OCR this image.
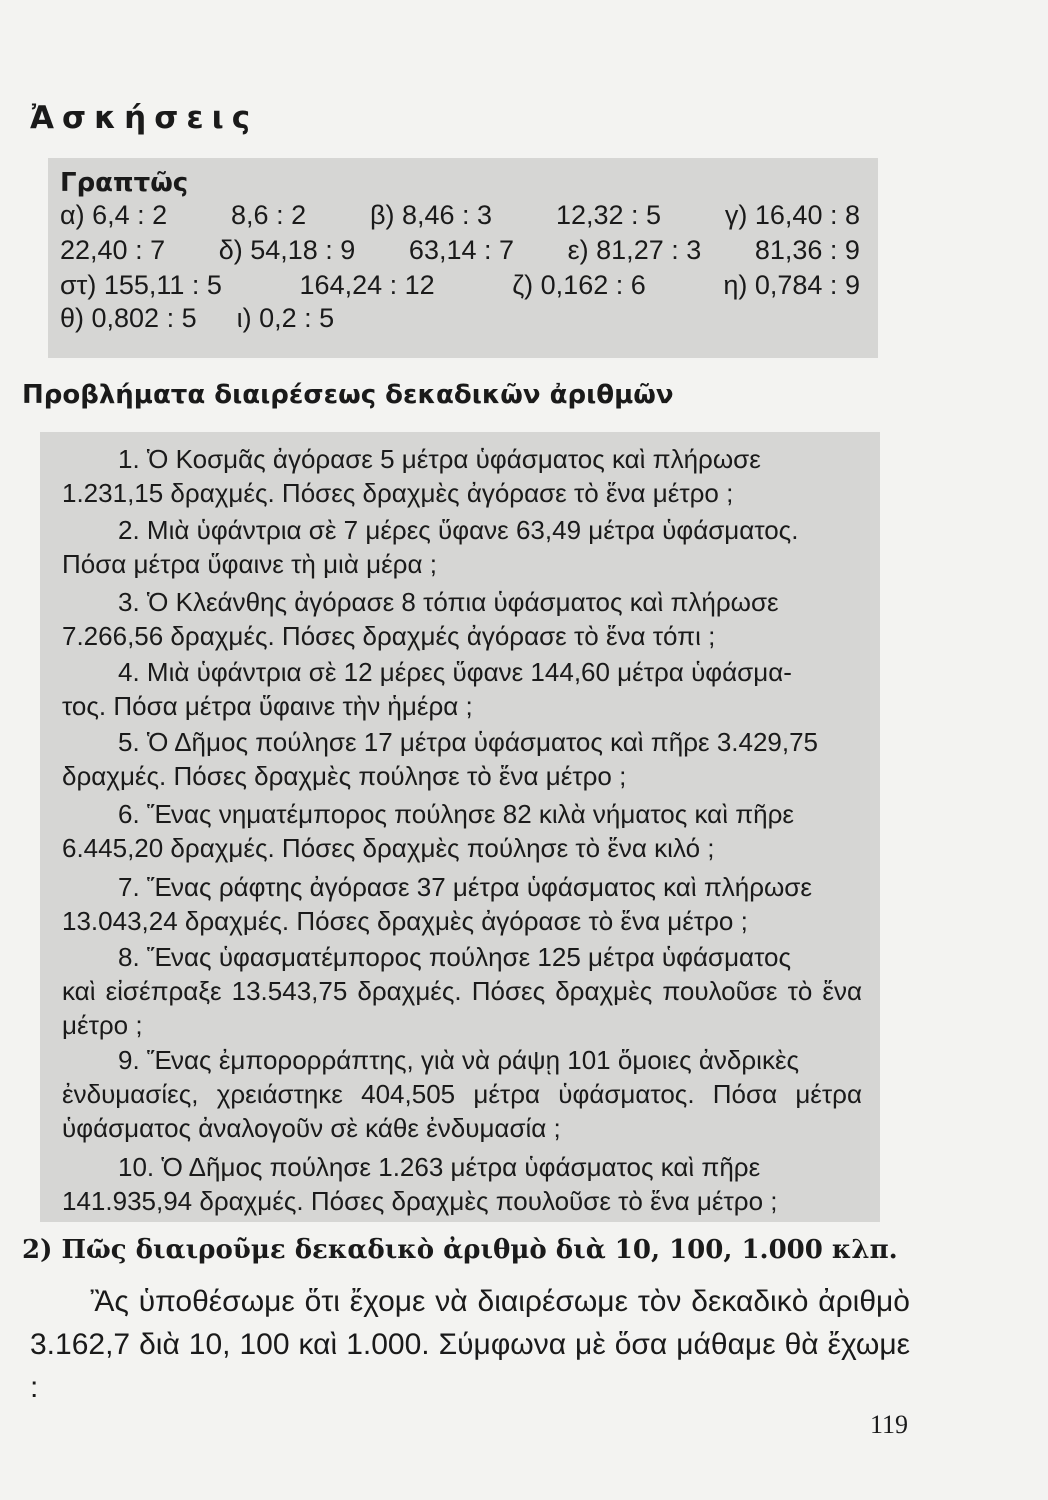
Ἀσκήσεις
Γραπτῶς
α) 6,4 : 2 8,6 : 2 β) 8,46 : 3 12,32 : 5 γ) 16,40 : 8
22,40 : 7 δ) 54,18 : 9 63,14 : 7 ε) 81,27 : 3 81,36 : 9
στ) 155,11 : 5	164,24 : 12	ζ) 0,162 : 6	η) 0,784 : 9
θ) 0,802 : 5 ι) 0,2 : 5
Προβλήματα διαιρέσεως δεκαδικῶν ἀριθμῶν
1. Ὁ Κοσμᾶς ἀγόρασε 5 μέτρα ὑφάσματος καὶ πλήρωσε
1.231,15 δραχμές. Πόσες δραχμὲς ἀγόρασε τὸ ἕνα μέτρο ;
2. Μιὰ ὑφάντρια σὲ 7 μέρες ὕφανε 63,49 μέτρα ὑφάσματος.
Πόσα μέτρα ὕφαινε τὴ μιὰ μέρα ;
3. Ὁ Κλεάνθης ἀγόρασε 8 τόπια ὑφάσματος καὶ πλήρωσε
7.266,56 δραχμές. Πόσες δραχμές ἀγόρασε τὸ ἕνα τόπι ;
4. Μιὰ ὑφάντρια σὲ 12 μέρες ὕφανε 144,60 μέτρα ὑφάσμα-
τος. Πόσα μέτρα ὕφαινε τὴν ἡμέρα ;
5. Ὁ Δῆμος πούλησε 17 μέτρα ὑφάσματος καὶ πῆρε 3.429,75
δραχμές. Πόσες δραχμὲς πούλησε τὸ ἕνα μέτρο ;
6. Ἕνας νηματέμπορος πούλησε 82 κιλὰ νήματος καὶ πῆρε
6.445,20 δραχμές. Πόσες δραχμὲς πούλησε τὸ ἕνα κιλό ;
7. Ἕνας ράφτης ἀγόρασε 37 μέτρα ὑφάσματος καὶ πλήρωσε
13.043,24 δραχμές. Πόσες δραχμὲς ἀγόρασε τὸ ἕνα μέτρο ;
8. Ἕνας ὑφασματέμπορος πούλησε 125 μέτρα ὑφάσματος
καὶ εἰσέπραξε 13.543,75 δραχμές. Πόσες δραχμὲς πουλοῦσε τὸ ἕνα μέτρο ;
9. Ἕνας ἐμπορορράπτης, γιὰ νὰ ράψῃ 101 ὅμοιες ἀνδρικὲς
ἐνδυμασίες, χρειάστηκε 404,505 μέτρα ὑφάσματος. Πόσα μέτρα ὑφάσματος ἀναλογοῦν σὲ κάθε ἐνδυμασία ;
10. Ὁ Δῆμος πούλησε 1.263 μέτρα ὑφάσματος καὶ πῆρε
141.935,94 δραχμές. Πόσες δραχμὲς πουλοῦσε τὸ ἕνα μέτρο ;
2) Πῶς διαιροῦμε δεκαδικὸ ἀριθμὸ διὰ 10, 100, 1.000 κλπ.
Ἂς ὑποθέσωμε ὅτι ἔχομε νὰ διαιρέσωμε τὸν δεκαδικὸ ἀριθμὸ 3.162,7 διὰ 10, 100 καὶ 1.000. Σύμφωνα μὲ ὅσα μάθαμε θὰ ἔχωμε :
119
